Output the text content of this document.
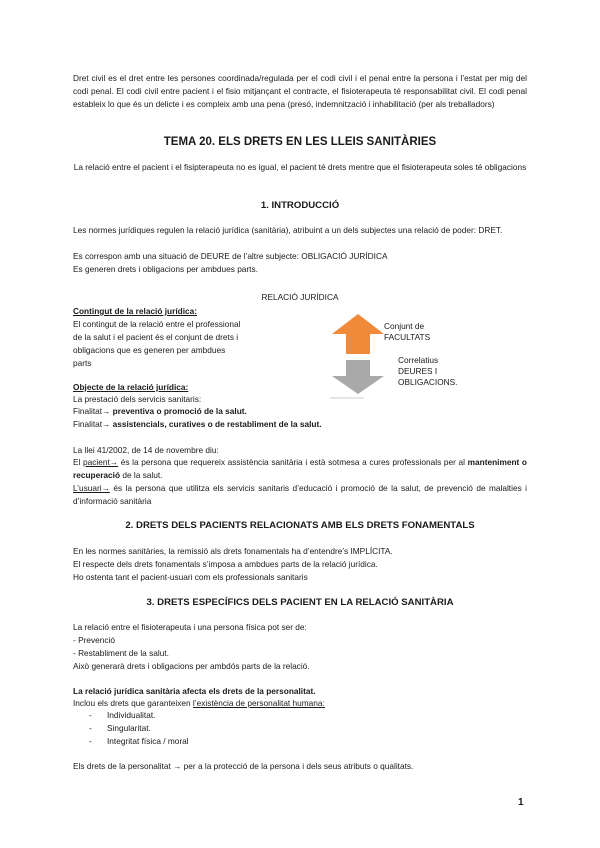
Dret civil es el dret entre les persones coordinada/regulada per el codi civil i el penal entre la persona i l’estat per mig del codi penal. El codi civil entre pacient i el fisio mitjançant el contracte, el fisioterapeuta té responsabilitat civil. El codi penal estableix lo que és un delicte i es compleix amb una pena (presó, indemnització i inhabilitació (per als treballadors)

TEMA 20. ELS DRETS EN LES LLEIS SANITÀRIES

La relació entre el pacient i el fisipterapeuta no es igual, el pacient té drets mentre que el fisioterapeuta soles té obligacions

1. INTRODUCCIÓ

Les normes jurídiques regulen la relació jurídica (sanitària), atribuint a un dels subjectes una relació de poder: DRET.

Es correspon amb una situació de DEURE de l’altre subjecte: OBLIGACIÓ JURÍDICA

Es generen drets i obligacions per ambdues parts.

RELACIÓ JURÍDICA

Contingut de la relació jurídica:

El contingut de la relació entre el professional
de la salut i el pacient és el conjunt de drets i
obligacions que es generen per ambdues
parts
Conjunt de
FACULTATS
Correlatius
DEURES I
OBLIGACIONS.

Objecte de la relació jurídica:

La prestació dels servicis sanitaris:

Finalitat→ preventiva o promoció de la salut.

Finalitat→ assistencials, curatives o de restabliment de la salut.

La llei 41/2002, de 14 de novembre diu:

El pacient→ és la persona que requereix assistència sanitària i està sotmesa a cures professionals per al manteniment o recuperació de la salut.

L’usuari→ és la persona que utilitza els servicis sanitaris d’educació i promoció de la salut, de prevenció de malalties i d’informació sanitària

2. DRETS DELS PACIENTS RELACIONATS AMB ELS DRETS FONAMENTALS

En les normes sanitàries, la remissió als drets fonamentals ha d’entendre’s IMPLÍCITA.
El respecte dels drets fonamentals s’imposa a ambdues parts de la relació jurídica.
Ho ostenta tant el pacient-usuari com els professionals sanitaris

3. DRETS ESPECÍFICS DELS PACIENT EN LA RELACIÓ SANITÀRIA

La relació entre el fisioterapeuta i una persona física pot ser de:
- Prevenció
- Restabliment de la salut.
Això generarà drets i obligacions per ambdós parts de la relació.

La relació jurídica sanitària afecta els drets de la personalitat.

Inclou els drets que garanteixen l’existència de personalitat humana:

- Individualitat.
- Singularitat.
- Integritat física / moral

Els drets de la personalitat → per a la protecció de la persona i dels seus atributs o qualitats.

1
